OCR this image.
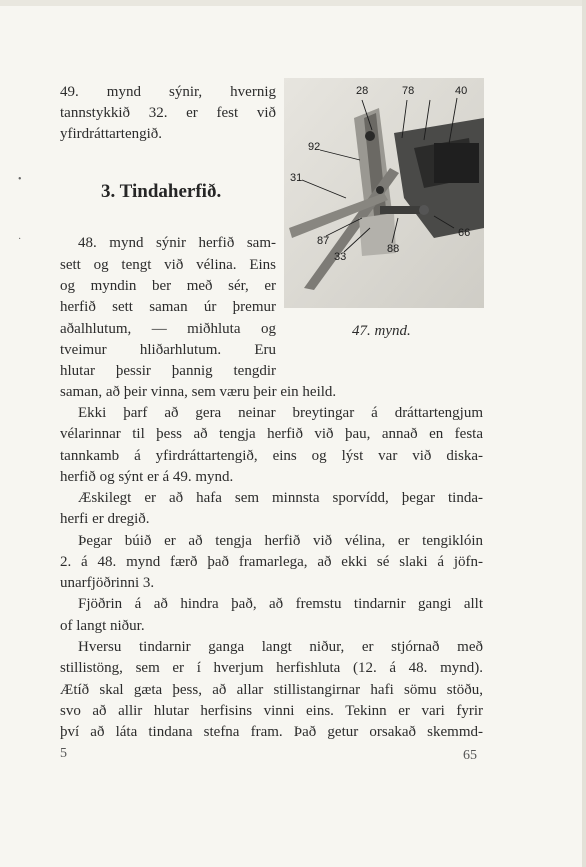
49. mynd sýnir, hvernig
tannstykkið 32. er fest við
yfirdráttartengið.
3. Tindaherfið.
48. mynd sýnir herfið sam-
sett og tengt við vélina. Eins
og myndin ber með sér, er
herfið sett saman úr þremur
aðalhlutum, — miðhluta og
tveimur hliðarhlutum. Eru
hlutar þessir þannig tengdir
saman, að þeir vinna, sem væru þeir ein heild.
Ekki þarf að gera neinar breytingar á dráttartengjum
vélarinnar til þess að tengja herfið við þau, annað en festa
tannkamb á yfirdráttartengið, eins og lýst var við diska-
herfið og sýnt er á 49. mynd.
Æskilegt er að hafa sem minnsta sporvídd, þegar tinda-
herfi er dregið.
Þegar búið er að tengja herfið við vélina, er tengiklóin
2. á 48. mynd færð það framarlega, að ekki sé slaki á jöfn-
unarfjöðrinni 3.
Fjöðrin á að hindra það, að fremstu tindarnir gangi allt
of langt niður.
Hversu tindarnir ganga langt niður, er stjórnað með
stillistöng, sem er í hverjum herfishluta (12. á 48. mynd).
Ætíð skal gæta þess, að allar stillistangirnar hafi sömu stöðu,
svo að allir hlutar herfisins vinni eins. Tekinn er vari fyrir
því að láta tindana stefna fram. Það getur orsakað skemmd-
28	78	40
92
31
87
33
88
66
47. mynd.
5	65
•
·
